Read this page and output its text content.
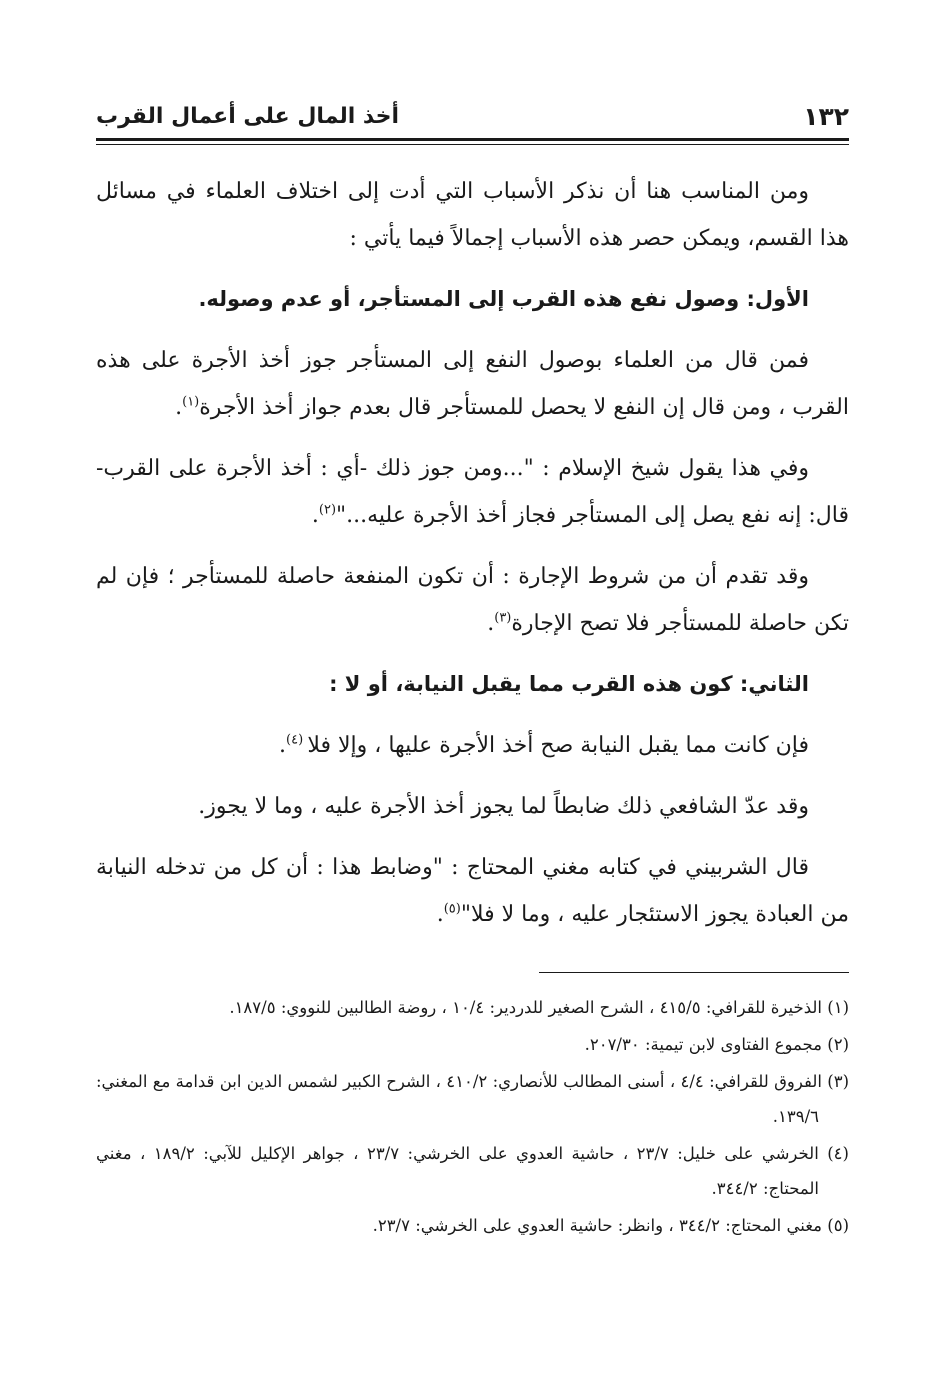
١٣٢
أخذ المال على أعمال القرب

ومن المناسب هنا أن نذكر الأسباب التي أدت إلى اختلاف العلماء في مسائل هذا القسم، ويمكن حصر هذه الأسباب إجمالاً فيما يأتي :

الأول: وصول نفع هذه القرب إلى المستأجر، أو عدم وصوله.

فمن قال من العلماء بوصول النفع إلى المستأجر جوز أخذ الأجرة على هذه القرب ، ومن قال إن النفع لا يحصل للمستأجر قال بعدم جواز أخذ الأجرة$^{(١)}$.

وفي هذا يقول شيخ الإسلام : "...ومن جوز ذلك -أي : أخذ الأجرة على القرب- قال: إنه نفع يصل إلى المستأجر فجاز أخذ الأجرة عليه..."$^{(٢)}$.

وقد تقدم أن من شروط الإجارة : أن تكون المنفعة حاصلة للمستأجر ؛ فإن لم تكن حاصلة للمستأجر فلا تصح الإجارة$^{(٣)}$.

الثاني: كون هذه القرب مما يقبل النيابة، أو لا :

فإن كانت مما يقبل النيابة صح أخذ الأجرة عليها ، وإلا فلا $^{(٤)}$.

وقد عدّ الشافعي ذلك ضابطاً لما يجوز أخذ الأجرة عليه ، وما لا يجوز.

قال الشربيني في كتابه مغني المحتاج : "وضابط هذا : أن كل من تدخله النيابة من العبادة يجوز الاستئجار عليه ، وما لا فلا"$^{(٥)}$.

(١) الذخيرة للقرافي: ٤١٥/٥ ، الشرح الصغير للدردير: ١٠/٤ ، روضة الطالبين للنووي: ١٨٧/٥.

(٢) مجموع الفتاوى لابن تيمية: ٢٠٧/٣٠.

(٣) الفروق للقرافي: ٤/٤ ، أسنى المطالب للأنصاري: ٤١٠/٢ ، الشرح الكبير لشمس الدين ابن قدامة مع المغني: ١٣٩/٦.

(٤) الخرشي على خليل: ٢٣/٧ ، حاشية العدوي على الخرشي: ٢٣/٧ ، جواهر الإكليل للآبي: ١٨٩/٢ ، مغني المحتاج: ٣٤٤/٢.

(٥) مغني المحتاج: ٣٤٤/٢ ، وانظر: حاشية العدوي على الخرشي: ٢٣/٧.
